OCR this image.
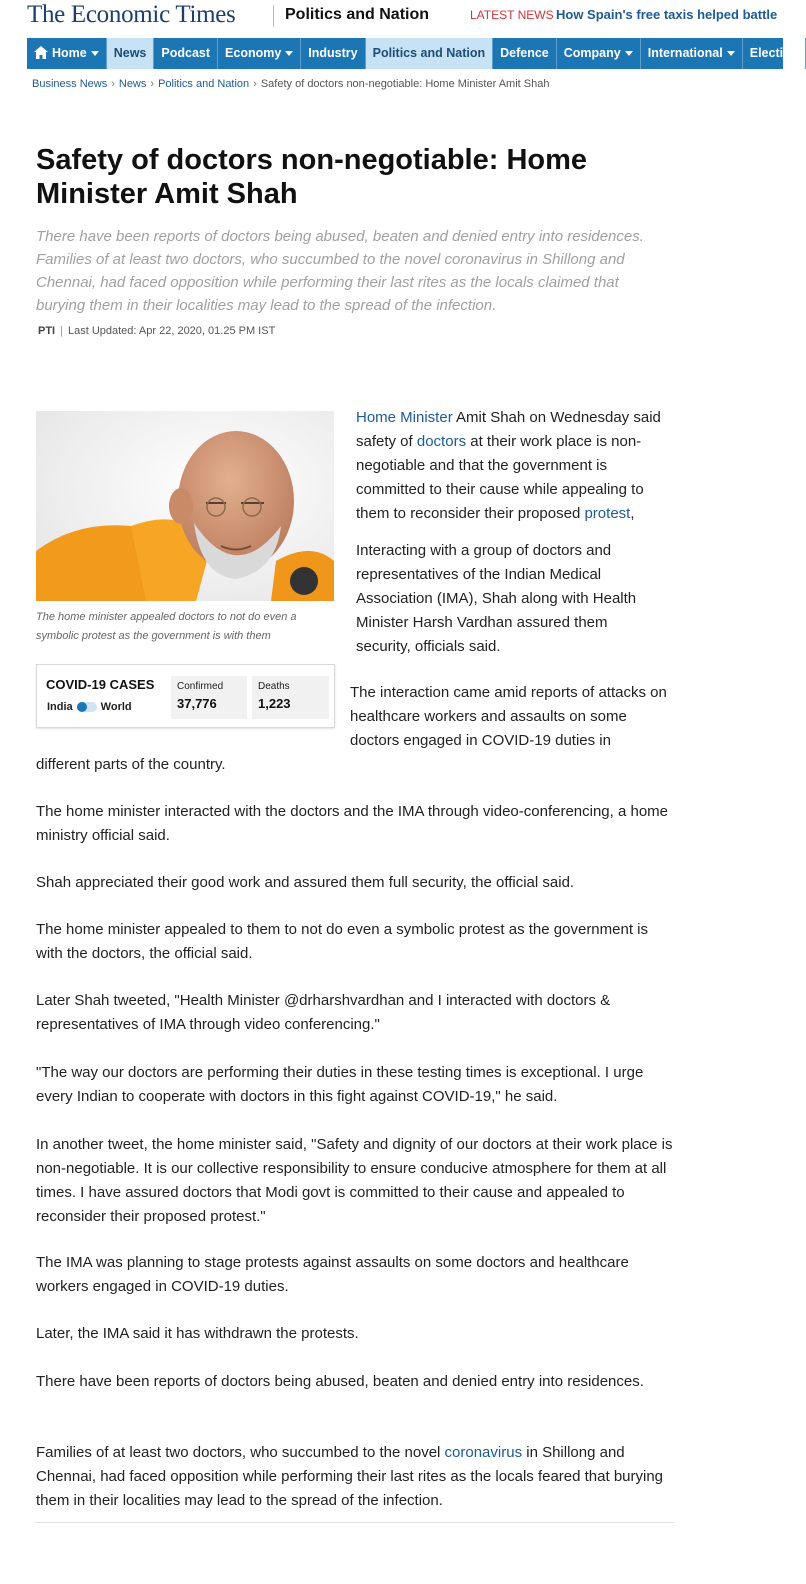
The Economic Times	Politics and Nation	LATEST NEWS How Spain's free taxis helped battle
Home News Podcast Economy Industry Politics and Nation Defence Company International Election
Business News › News › Politics and Nation › Safety of doctors non-negotiable: Home Minister Amit Shah
Safety of doctors non-negotiable: Home Minister Amit Shah
There have been reports of doctors being abused, beaten and denied entry into residences. Families of at least two doctors, who succumbed to the novel coronavirus in Shillong and Chennai, had faced opposition while performing their last rites as the locals claimed that burying them in their localities may lead to the spread of the infection.
PTI | Last Updated: Apr 22, 2020, 01.25 PM IST
The home minister appealed doctors to not do even a symbolic protest as the government is with them
COVID-19 CASES
India	World
Confirmed
37,776
Deaths
1,223
Home Minister Amit Shah on Wednesday said safety of doctors at their work place is non-negotiable and that the government is committed to their cause while appealing to them to reconsider their proposed protest,
Interacting with a group of doctors and representatives of the Indian Medical Association (IMA), Shah along with Health Minister Harsh Vardhan assured them security, officials said.
The interaction came amid reports of attacks on healthcare workers and assaults on some doctors engaged in COVID-19 duties in
different parts of the country.
The home minister interacted with the doctors and the IMA through video-conferencing, a home ministry official said.
Shah appreciated their good work and assured them full security, the official said.
The home minister appealed to them to not do even a symbolic protest as the government is with the doctors, the official said.
Later Shah tweeted, "Health Minister @drharshvardhan and I interacted with doctors & representatives of IMA through video conferencing."
"The way our doctors are performing their duties in these testing times is exceptional. I urge every Indian to cooperate with doctors in this fight against COVID-19," he said.
In another tweet, the home minister said, "Safety and dignity of our doctors at their work place is non-negotiable. It is our collective responsibility to ensure conducive atmosphere for them at all times. I have assured doctors that Modi govt is committed to their cause and appealed to reconsider their proposed protest."
The IMA was planning to stage protests against assaults on some doctors and healthcare workers engaged in COVID-19 duties.
Later, the IMA said it has withdrawn the protests.
There have been reports of doctors being abused, beaten and denied entry into residences.
Families of at least two doctors, who succumbed to the novel coronavirus in Shillong and Chennai, had faced opposition while performing their last rites as the locals feared that burying them in their localities may lead to the spread of the infection.
